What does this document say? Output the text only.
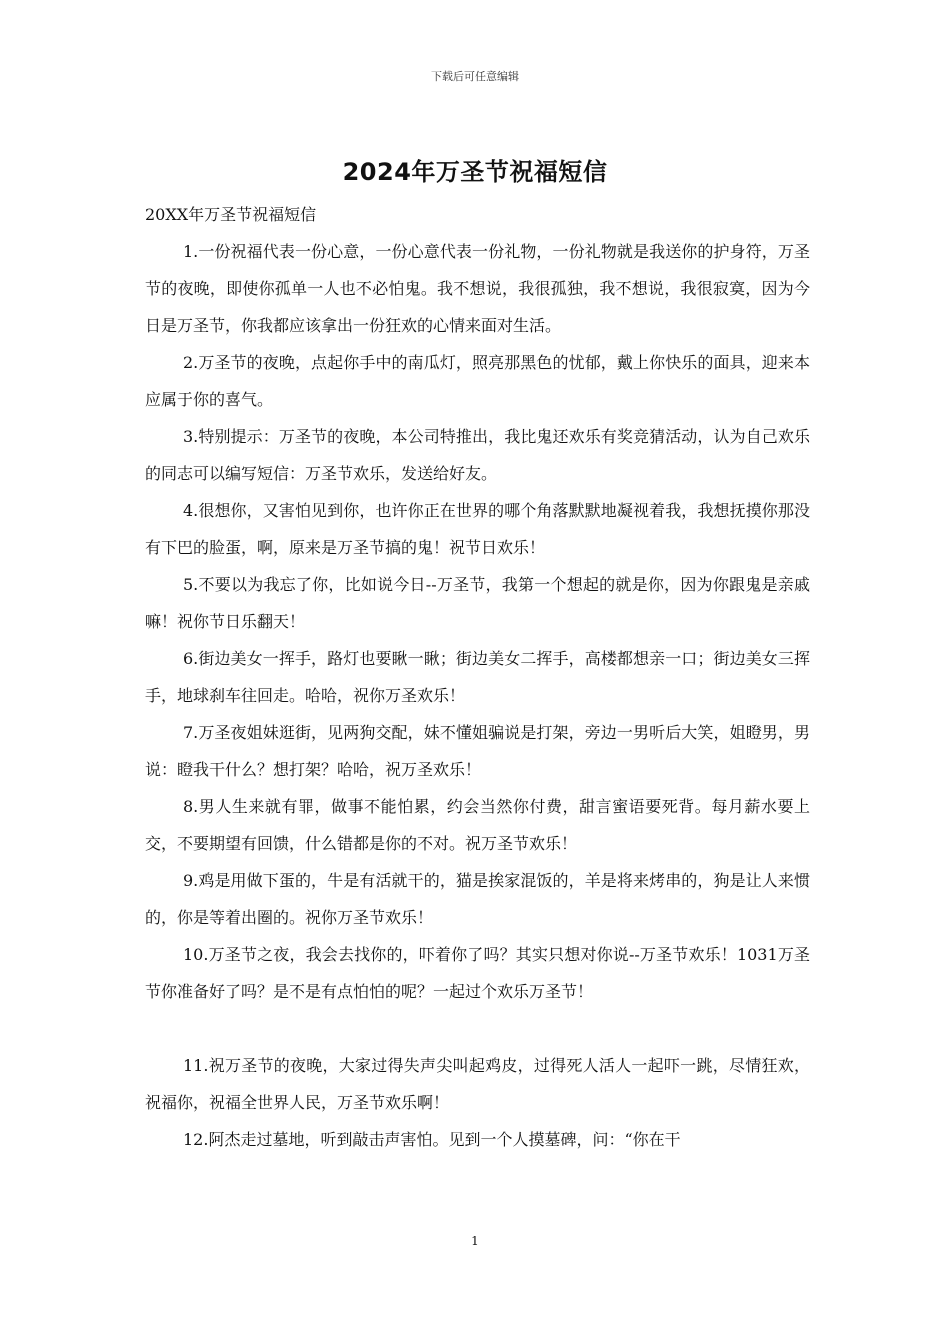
下载后可任意编辑
2024年万圣节祝福短信
20XX年万圣节祝福短信

1.一份祝福代表一份心意，一份心意代表一份礼物，一份礼物就是我送你的护身符，万圣节的夜晚，即使你孤单一人也不必怕鬼。我不想说，我很孤独，我不想说，我很寂寞，因为今日是万圣节，你我都应该拿出一份狂欢的心情来面对生活。

2.万圣节的夜晚，点起你手中的南瓜灯，照亮那黑色的忧郁，戴上你快乐的面具，迎来本应属于你的喜气。

3.特别提示：万圣节的夜晚，本公司特推出，我比鬼还欢乐有奖竞猜活动，认为自己欢乐的同志可以编写短信：万圣节欢乐，发送给好友。

4.很想你，又害怕见到你，也许你正在世界的哪个角落默默地凝视着我，我想抚摸你那没有下巴的脸蛋，啊，原来是万圣节搞的鬼！祝节日欢乐！

5.不要以为我忘了你，比如说今日--万圣节，我第一个想起的就是你，因为你跟鬼是亲戚嘛！祝你节日乐翻天！

6.街边美女一挥手，路灯也要瞅一瞅；街边美女二挥手，高楼都想亲一口；街边美女三挥手，地球刹车往回走。哈哈，祝你万圣欢乐！

7.万圣夜姐妹逛街，见两狗交配，妹不懂姐骗说是打架，旁边一男听后大笑，姐瞪男，男说：瞪我干什么？想打架？哈哈，祝万圣欢乐！

8.男人生来就有罪，做事不能怕累，约会当然你付费，甜言蜜语要死背。每月薪水要上交，不要期望有回馈，什么错都是你的不对。祝万圣节欢乐！

9.鸡是用做下蛋的，牛是有活就干的，猫是挨家混饭的，羊是将来烤串的，狗是让人来惯的，你是等着出圈的。祝你万圣节欢乐！

10.万圣节之夜，我会去找你的，吓着你了吗？其实只想对你说--万圣节欢乐！1031万圣节你准备好了吗？是不是有点怕怕的呢？一起过个欢乐万圣节！

11.祝万圣节的夜晚，大家过得失声尖叫起鸡皮，过得死人活人一起吓一跳，尽情狂欢，祝福你，祝福全世界人民，万圣节欢乐啊！

12.阿杰走过墓地，听到敲击声害怕。见到一个人摸墓碑，问：“你在干

1
